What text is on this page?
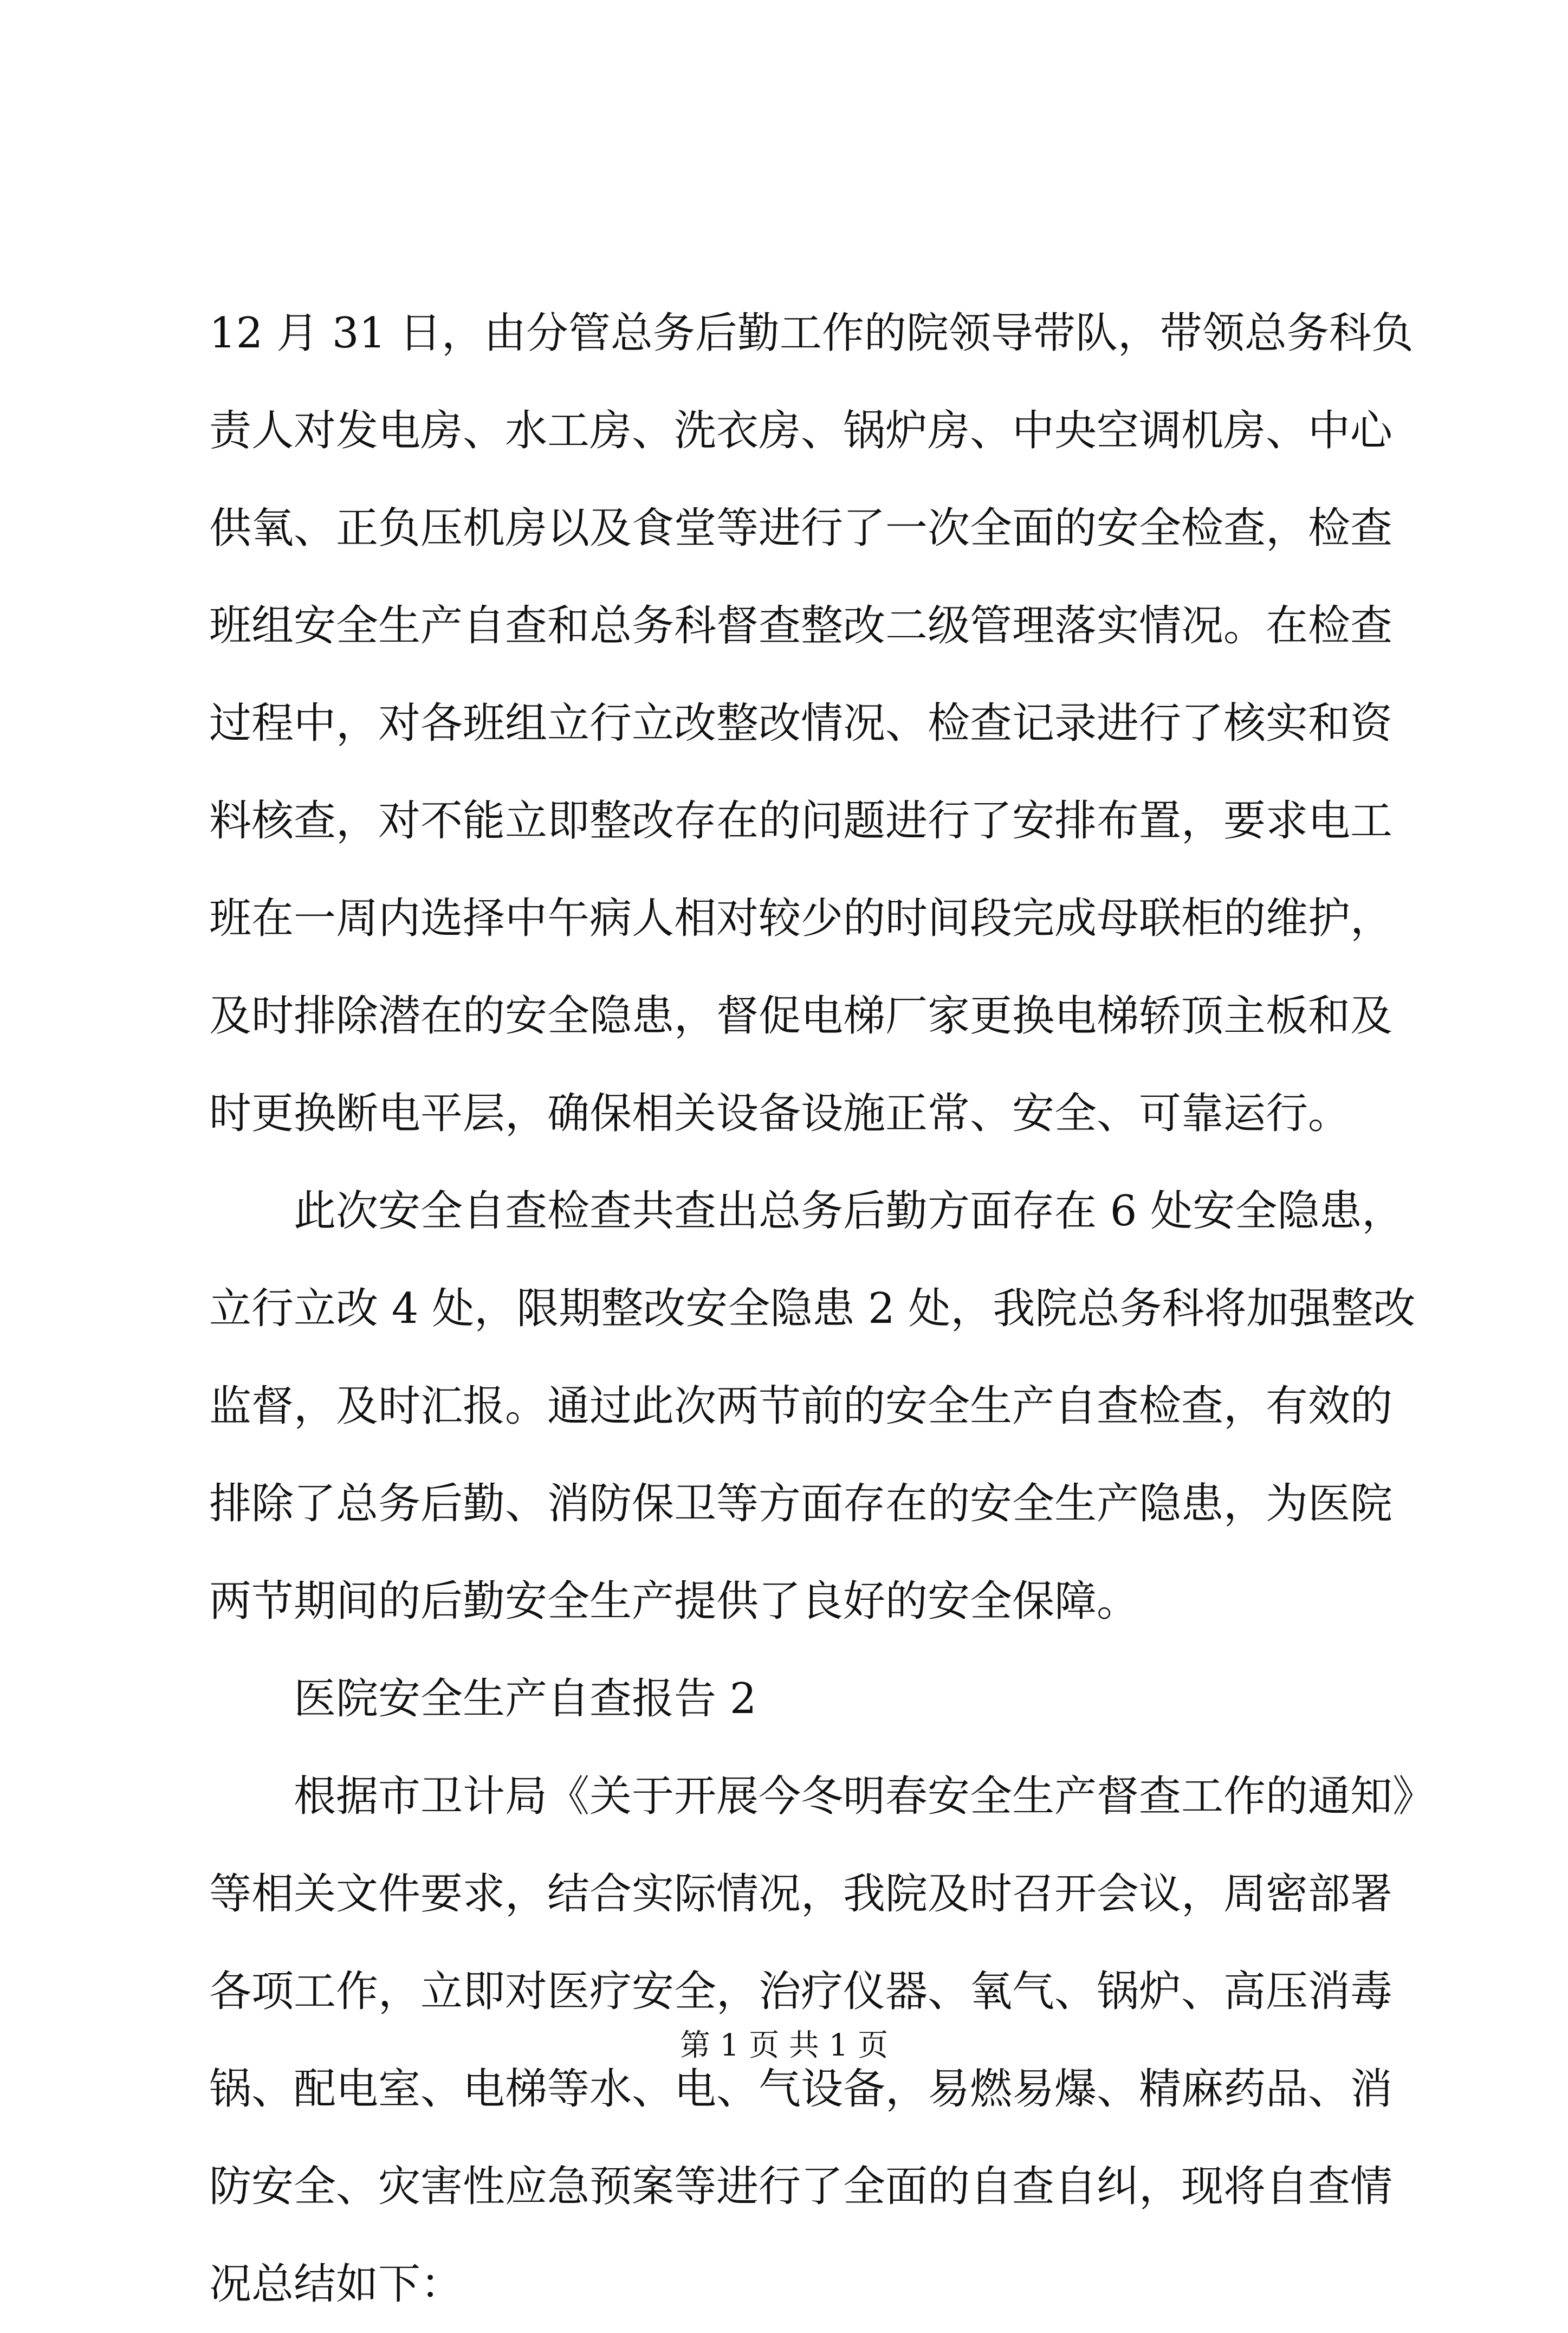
12 月 31 日，由分管总务后勤工作的院领导带队，带领总务科负
责人对发电房、水工房、洗衣房、锅炉房、中央空调机房、中心
供氧、正负压机房以及食堂等进行了一次全面的安全检查，检查
班组安全生产自查和总务科督查整改二级管理落实情况。在检查
过程中，对各班组立行立改整改情况、检查记录进行了核实和资
料核查，对不能立即整改存在的问题进行了安排布置，要求电工
班在一周内选择中午病人相对较少的时间段完成母联柜的维护，
及时排除潜在的安全隐患，督促电梯厂家更换电梯轿顶主板和及
时更换断电平层，确保相关设备设施正常、安全、可靠运行。
此次安全自查检查共查出总务后勤方面存在 6 处安全隐患，
立行立改 4 处，限期整改安全隐患 2 处，我院总务科将加强整改
监督，及时汇报。通过此次两节前的安全生产自查检查，有效的
排除了总务后勤、消防保卫等方面存在的安全生产隐患，为医院
两节期间的后勤安全生产提供了良好的安全保障。
医院安全生产自查报告 2
根据市卫计局《关于开展今冬明春安全生产督查工作的通知》
等相关文件要求，结合实际情况，我院及时召开会议，周密部署
各项工作，立即对医疗安全，治疗仪器、氧气、锅炉、高压消毒
锅、配电室、电梯等水、电、气设备，易燃易爆、精麻药品、消
防安全、灾害性应急预案等进行了全面的自查自纠，现将自查情
况总结如下：
第 1 页 共 1 页
